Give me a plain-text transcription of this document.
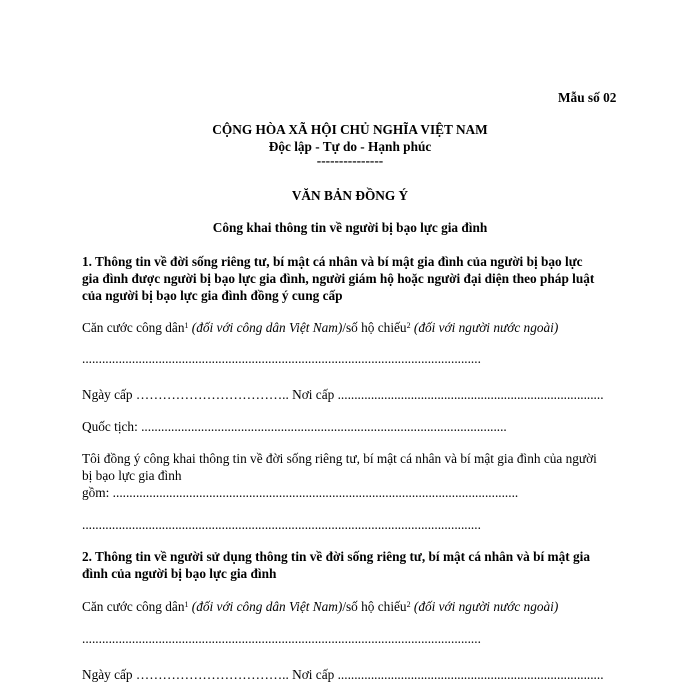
Mẫu số 02
CỘNG HÒA XÃ HỘI CHỦ NGHĨA VIỆT NAM
Độc lập - Tự do - Hạnh phúc
---------------
VĂN BẢN ĐỒNG Ý
Công khai thông tin về người bị bạo lực gia đình
1. Thông tin về đời sống riêng tư, bí mật cá nhân và bí mật gia đình của người bị bạo lực
gia đình được người bị bạo lực gia đình, người giám hộ hoặc người đại diện theo pháp luật
của người bị bạo lực gia đình đồng ý cung cấp
Căn cước công dân$^1$ (đối với công dân Việt Nam)/số hộ chiếu$^2$ (đối với người nước ngoài)
........................................................................................................................
Ngày cấp …………………………….. Nơi cấp ................................................................................
Quốc tịch: ..............................................................................................................
Tôi đồng ý công khai thông tin về đời sống riêng tư, bí mật cá nhân và bí mật gia đình của người
bị bạo lực gia đình
gồm: ..........................................................................................................................
........................................................................................................................
2. Thông tin về người sử dụng thông tin về đời sống riêng tư, bí mật cá nhân và bí mật gia
đình của người bị bạo lực gia đình
Căn cước công dân$^1$ (đối với công dân Việt Nam)/số hộ chiếu$^2$ (đối với người nước ngoài)
........................................................................................................................
Ngày cấp …………………………….. Nơi cấp ................................................................................
